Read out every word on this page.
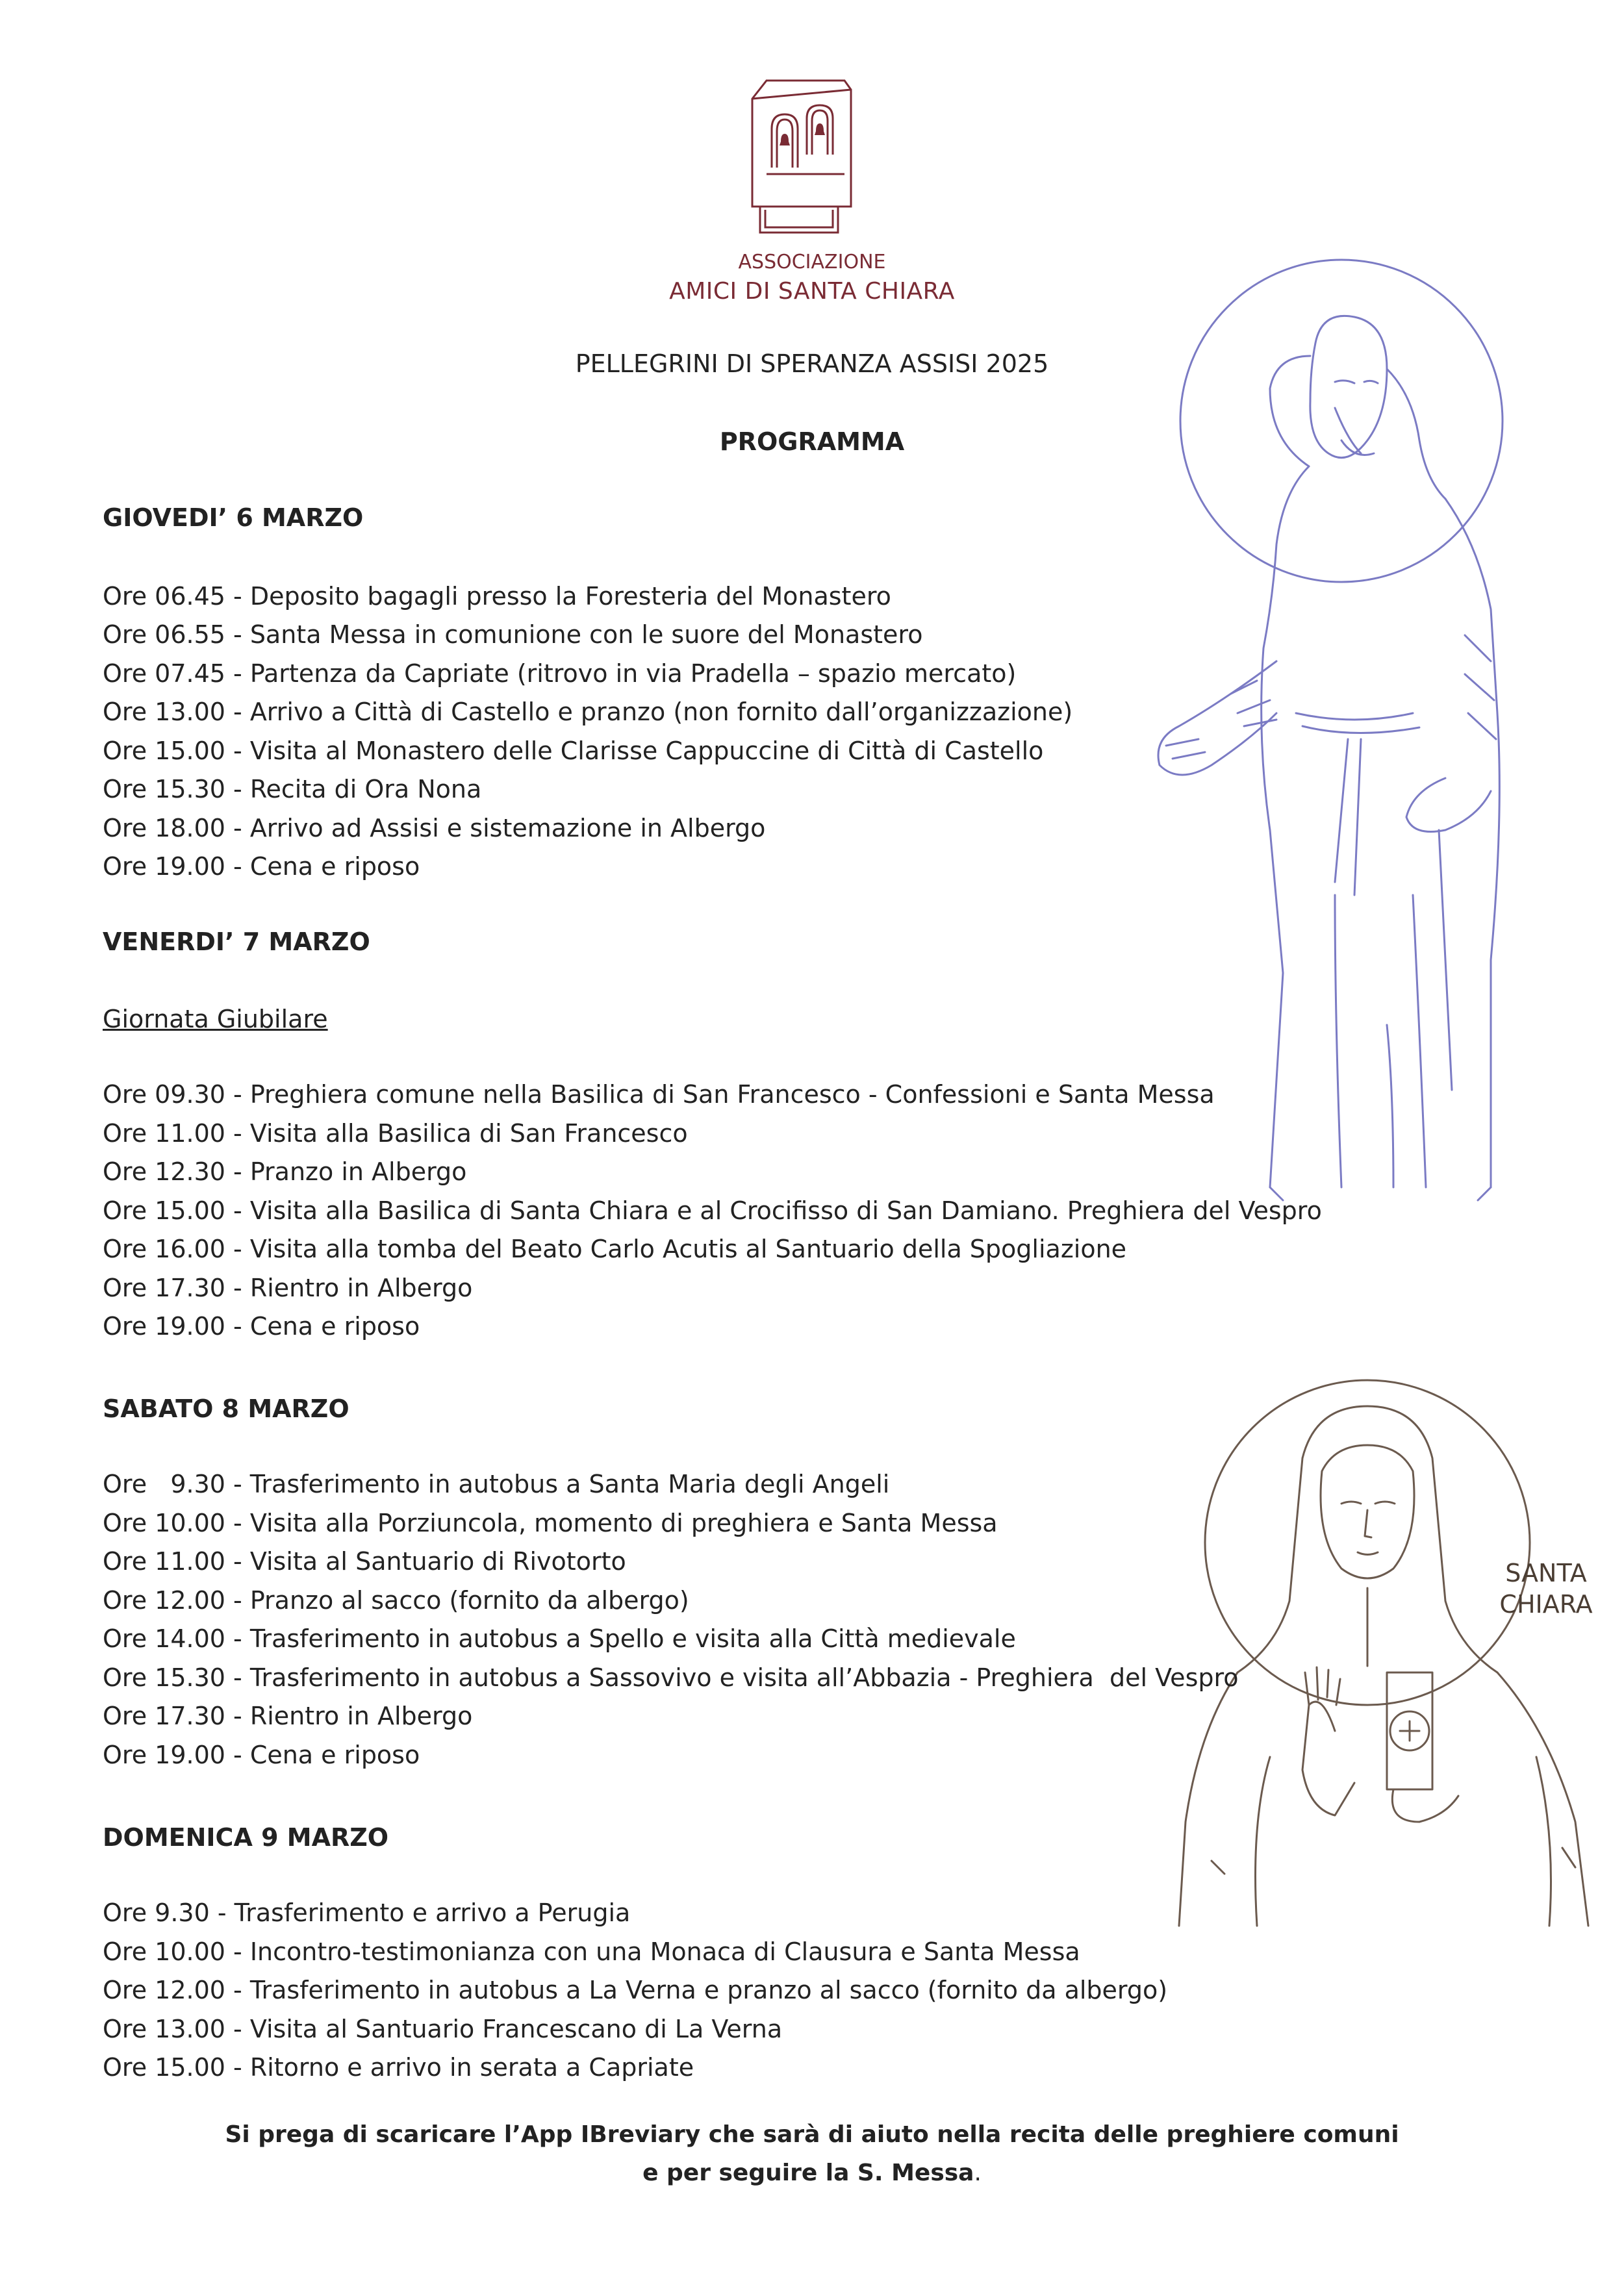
ASSOCIAZIONE
AMICI DI SANTA CHIARA
PELLEGRINI DI SPERANZA ASSISI 2025
PROGRAMMA
SANTA
CHIARA
GIOVEDI’ 6 MARZO
Ore 06.45 - Deposito bagagli presso la Foresteria del Monastero
Ore 06.55 - Santa Messa in comunione con le suore del Monastero
Ore 07.45 - Partenza da Capriate (ritrovo in via Pradella – spazio mercato)
Ore 13.00 - Arrivo a Città di Castello e pranzo (non fornito dall’organizzazione)
Ore 15.00 - Visita al Monastero delle Clarisse Cappuccine di Città di Castello
Ore 15.30 - Recita di Ora Nona
Ore 18.00 - Arrivo ad Assisi e sistemazione in Albergo
Ore 19.00 - Cena e riposo
VENERDI’ 7 MARZO
Giornata Giubilare
Ore 09.30 - Preghiera comune nella Basilica di San Francesco - Confessioni e Santa Messa
Ore 11.00 - Visita alla Basilica di San Francesco
Ore 12.30 - Pranzo in Albergo
Ore 15.00 - Visita alla Basilica di Santa Chiara e al Crocifisso di San Damiano. Preghiera del Vespro
Ore 16.00 - Visita alla tomba del Beato Carlo Acutis al Santuario della Spogliazione
Ore 17.30 - Rientro in Albergo
Ore 19.00 - Cena e riposo
SABATO 8 MARZO
Ore   9.30 - Trasferimento in autobus a Santa Maria degli Angeli
Ore 10.00 - Visita alla Porziuncola, momento di preghiera e Santa Messa
Ore 11.00 - Visita al Santuario di Rivotorto
Ore 12.00 - Pranzo al sacco (fornito da albergo)
Ore 14.00 - Trasferimento in autobus a Spello e visita alla Città medievale
Ore 15.30 - Trasferimento in autobus a Sassovivo e visita all’Abbazia - Preghiera  del Vespro
Ore 17.30 - Rientro in Albergo
Ore 19.00 - Cena e riposo
DOMENICA 9 MARZO
Ore 9.30 - Trasferimento e arrivo a Perugia
Ore 10.00 - Incontro-testimonianza con una Monaca di Clausura e Santa Messa
Ore 12.00 - Trasferimento in autobus a La Verna e pranzo al sacco (fornito da albergo)
Ore 13.00 - Visita al Santuario Francescano di La Verna
Ore 15.00 - Ritorno e arrivo in serata a Capriate
Si prega di scaricare l’App IBreviary che sarà di aiuto nella recita delle preghiere comuni
e per seguire la S. Messa.
